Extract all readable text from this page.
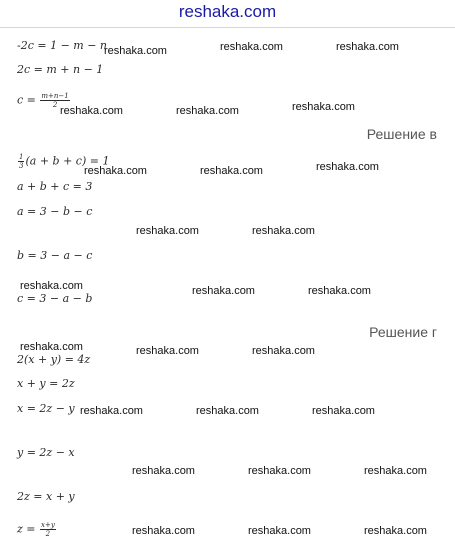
reshaka.com
-2c = 1 − m − n
2c = m + n − 1
$c = \frac{m+n-1}{2}$
Решение в
$\frac{1}{3} (a + b + c) = 1$
a + b + c = 3
a = 3 − b − c
b = 3 − a − c
c = 3 − a − b
Решение г
2(x + y) = 4z
x + y = 2z
x = 2z − y
y = 2z − x
2z = x + y
$z = \frac{x+y}{2}$
reshaka.com	reshaka.com	reshaka.com
reshaka.com	reshaka.com	reshaka.com
reshaka.com	reshaka.com	reshaka.com
reshaka.com	reshaka.com
reshaka.com	reshaka.com	reshaka.com
reshaka.com	reshaka.com	reshaka.com
reshaka.com	reshaka.com	reshaka.com
reshaka.com	reshaka.com	reshaka.com
reshaka.com	reshaka.com	reshaka.com
